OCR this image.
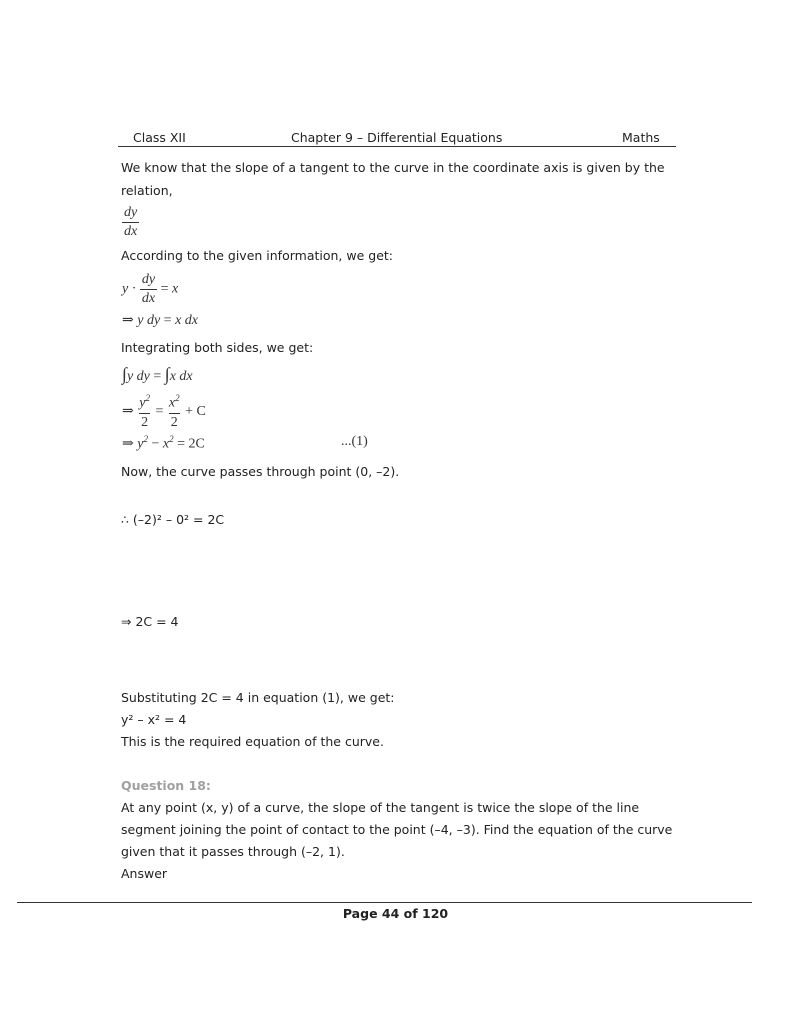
Class XII	Chapter 9 – Differential Equations	Maths
We know that the slope of a tangent to the curve in the coordinate axis is given by the
relation,
$\frac{dy}{dx}$
According to the given information, we get:
$y \cdot \frac{dy}{dx} = x$
⇒ y dy = x dx
Integrating both sides, we get:
∫y dy = ∫x dx
⇒ $\frac{y^2}{2} = \frac{x^2}{2} + C$
⇒ $y^2 - x^2 = 2C$	...(1)
Now, the curve passes through point (0, –2).
∴ (–2)² – 0² = 2C
⇒ 2C = 4
Substituting 2C = 4 in equation (1), we get:
y² – x² = 4
This is the required equation of the curve.
Question 18:
At any point (x, y) of a curve, the slope of the tangent is twice the slope of the line
segment joining the point of contact to the point (–4, –3). Find the equation of the curve
given that it passes through (–2, 1).
Answer
Page 44 of 120
